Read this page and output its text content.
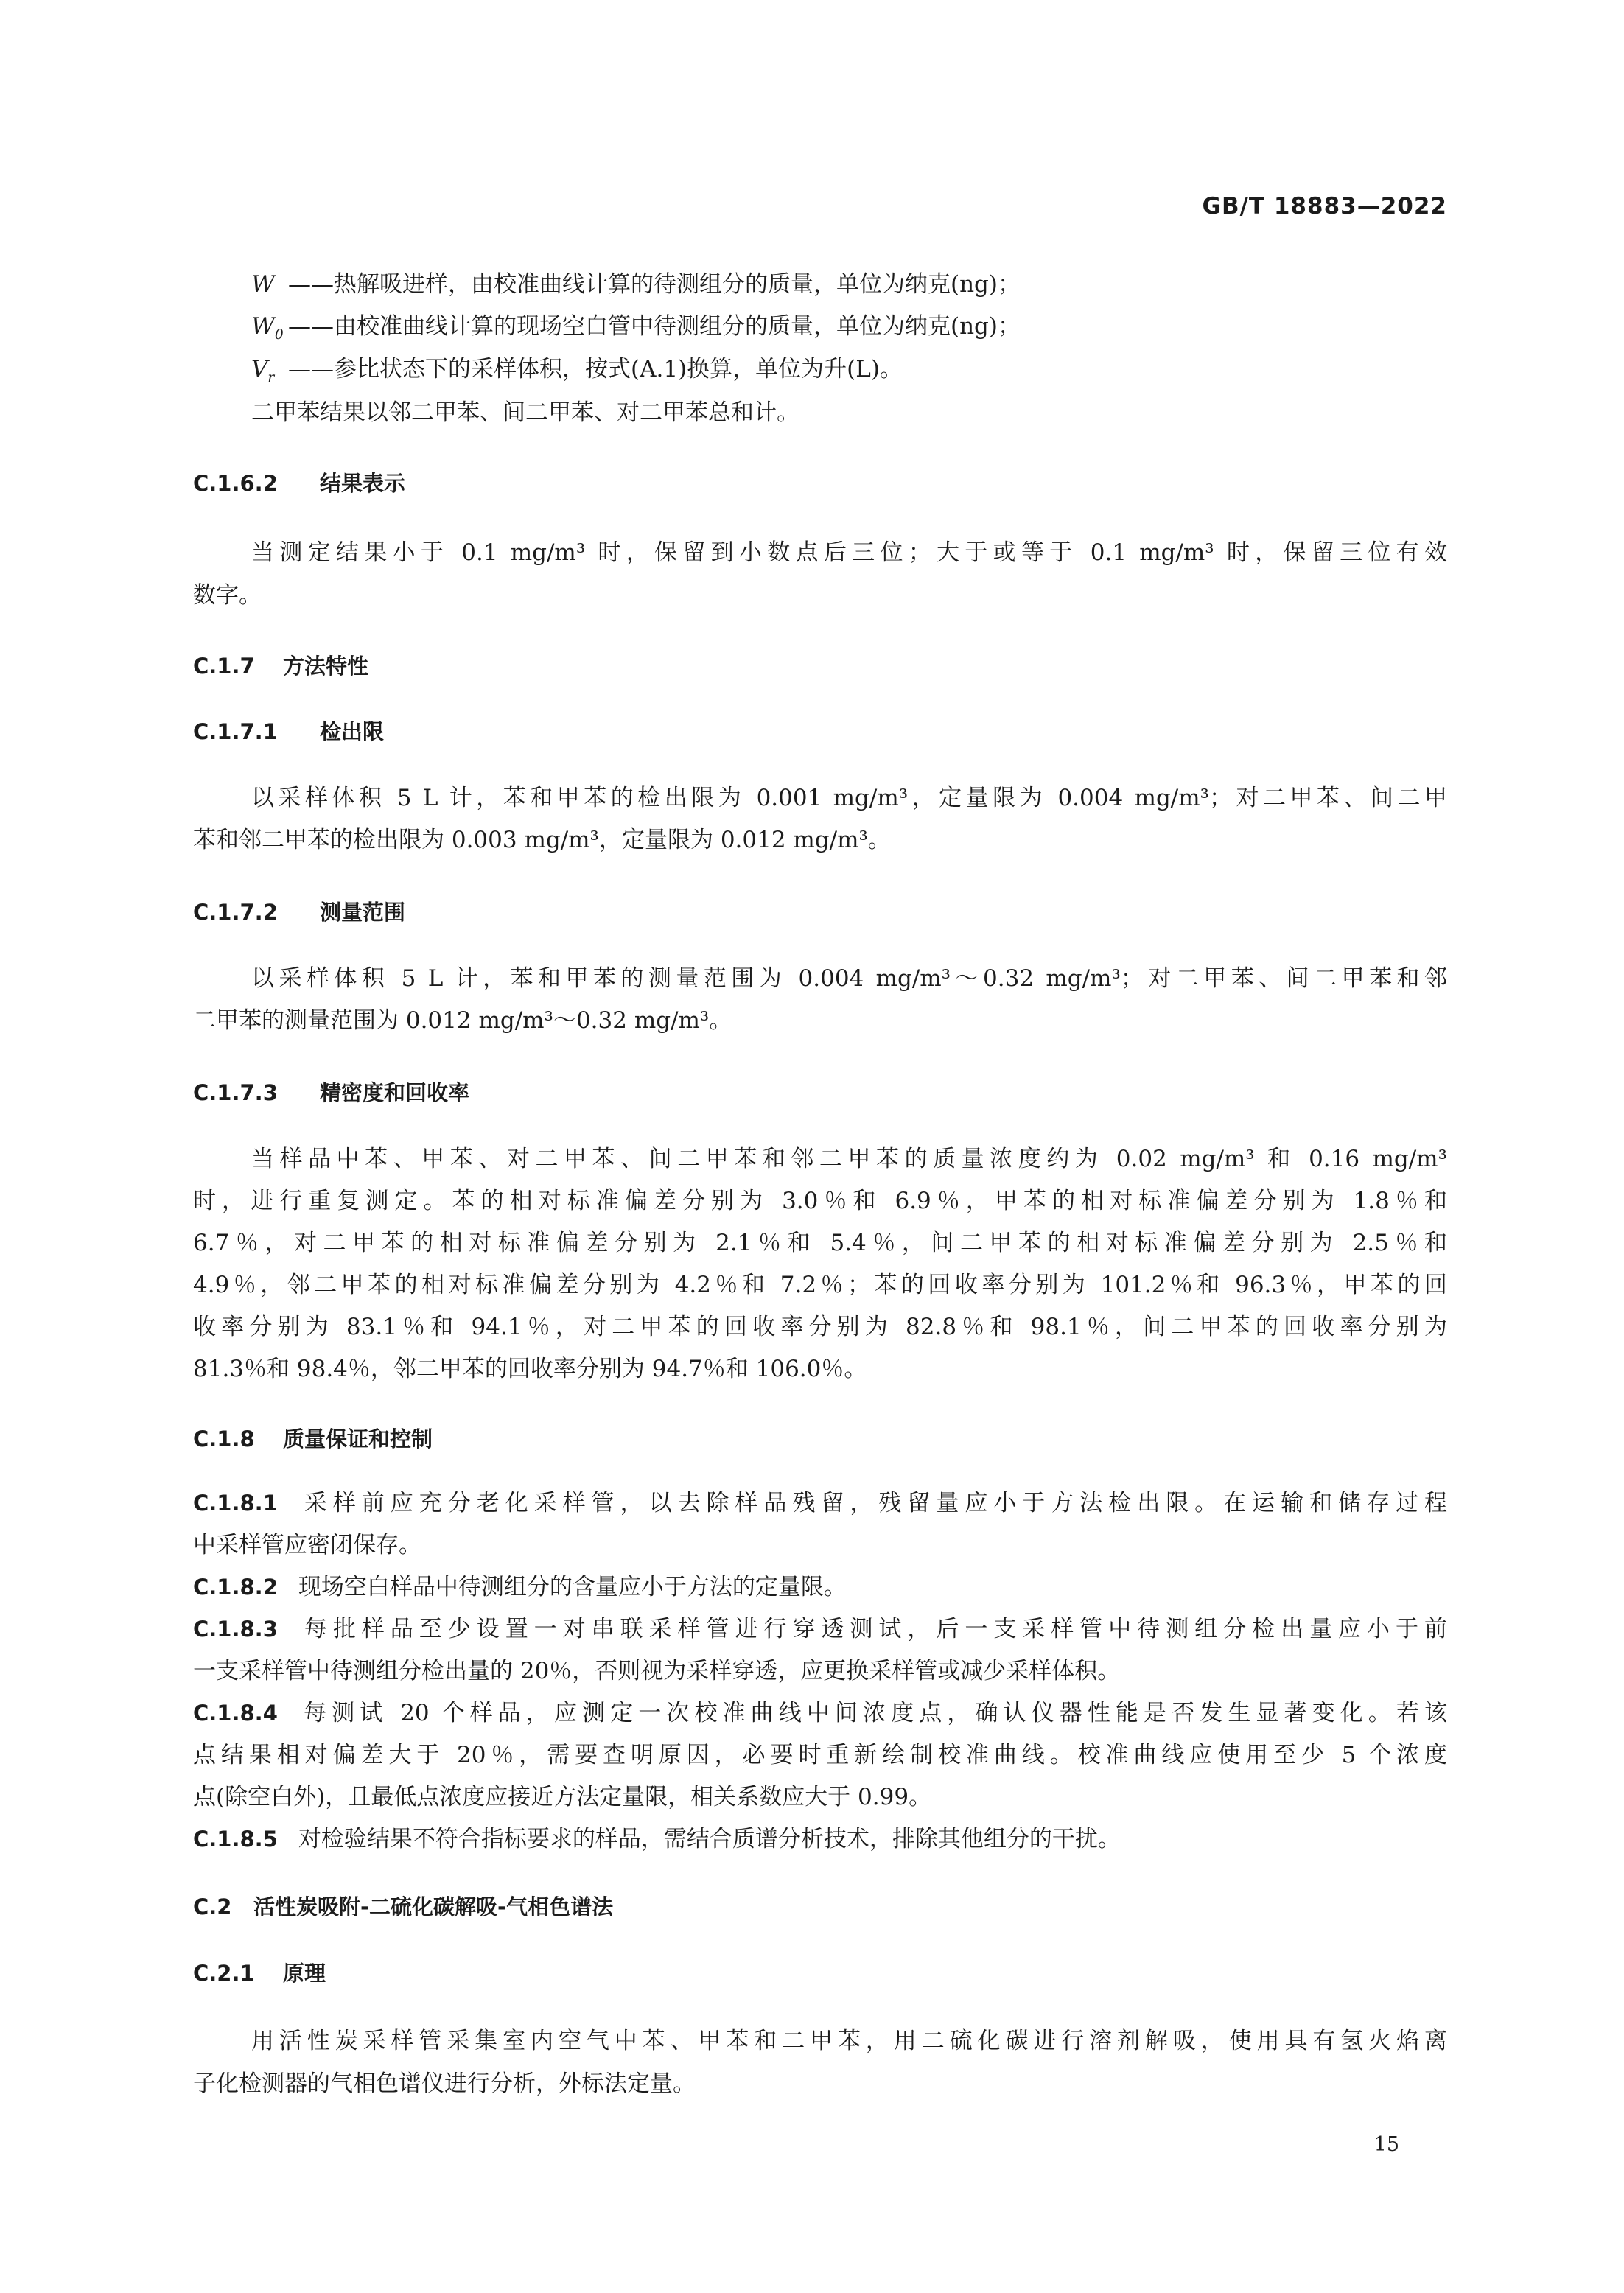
GB/T 18883—2022
W ——热解吸进样，由校准曲线计算的待测组分的质量，单位为纳克(ng)；
$W_0$ ——由校准曲线计算的现场空白管中待测组分的质量，单位为纳克(ng)；
$V_r$ ——参比状态下的采样体积，按式(A.1)换算，单位为升(L)。
二甲苯结果以邻二甲苯、间二甲苯、对二甲苯总和计。
C.1.6.2 结果表示
当测定结果小于 0.1 mg/m³ 时，保留到小数点后三位；大于或等于 0.1 mg/m³ 时，保留三位有效
数字。
C.1.7 方法特性
C.1.7.1 检出限
以采样体积 5 L 计，苯和甲苯的检出限为 0.001 mg/m³，定量限为 0.004 mg/m³；对二甲苯、间二甲
苯和邻二甲苯的检出限为 0.003 mg/m³，定量限为 0.012 mg/m³。
C.1.7.2 测量范围
以采样体积 5 L 计，苯和甲苯的测量范围为 0.004 mg/m³～0.32 mg/m³；对二甲苯、间二甲苯和邻
二甲苯的测量范围为 0.012 mg/m³～0.32 mg/m³。
C.1.7.3 精密度和回收率
当样品中苯、甲苯、对二甲苯、间二甲苯和邻二甲苯的质量浓度约为 0.02 mg/m³ 和 0.16 mg/m³
时，进行重复测定。苯的相对标准偏差分别为 3.0％和 6.9％，甲苯的相对标准偏差分别为 1.8％和
6.7％，对二甲苯的相对标准偏差分别为 2.1％和 5.4％，间二甲苯的相对标准偏差分别为 2.5％和
4.9％，邻二甲苯的相对标准偏差分别为 4.2％和 7.2％；苯的回收率分别为 101.2％和 96.3％，甲苯的回
收率分别为 83.1％和 94.1％，对二甲苯的回收率分别为 82.8％和 98.1％，间二甲苯的回收率分别为
81.3％和 98.4％，邻二甲苯的回收率分别为 94.7％和 106.0％。
C.1.8 质量保证和控制
C.1.8.1 采样前应充分老化采样管，以去除样品残留，残留量应小于方法检出限。在运输和储存过程
中采样管应密闭保存。
C.1.8.2 现场空白样品中待测组分的含量应小于方法的定量限。
C.1.8.3 每批样品至少设置一对串联采样管进行穿透测试，后一支采样管中待测组分检出量应小于前
一支采样管中待测组分检出量的 20％，否则视为采样穿透，应更换采样管或减少采样体积。
C.1.8.4 每测试 20 个样品，应测定一次校准曲线中间浓度点，确认仪器性能是否发生显著变化。若该
点结果相对偏差大于 20％，需要查明原因，必要时重新绘制校准曲线。校准曲线应使用至少 5 个浓度
点(除空白外)，且最低点浓度应接近方法定量限，相关系数应大于 0.99。
C.1.8.5 对检验结果不符合指标要求的样品，需结合质谱分析技术，排除其他组分的干扰。
C.2 活性炭吸附-二硫化碳解吸-气相色谱法
C.2.1 原理
用活性炭采样管采集室内空气中苯、甲苯和二甲苯，用二硫化碳进行溶剂解吸，使用具有氢火焰离
子化检测器的气相色谱仪进行分析，外标法定量。
15
